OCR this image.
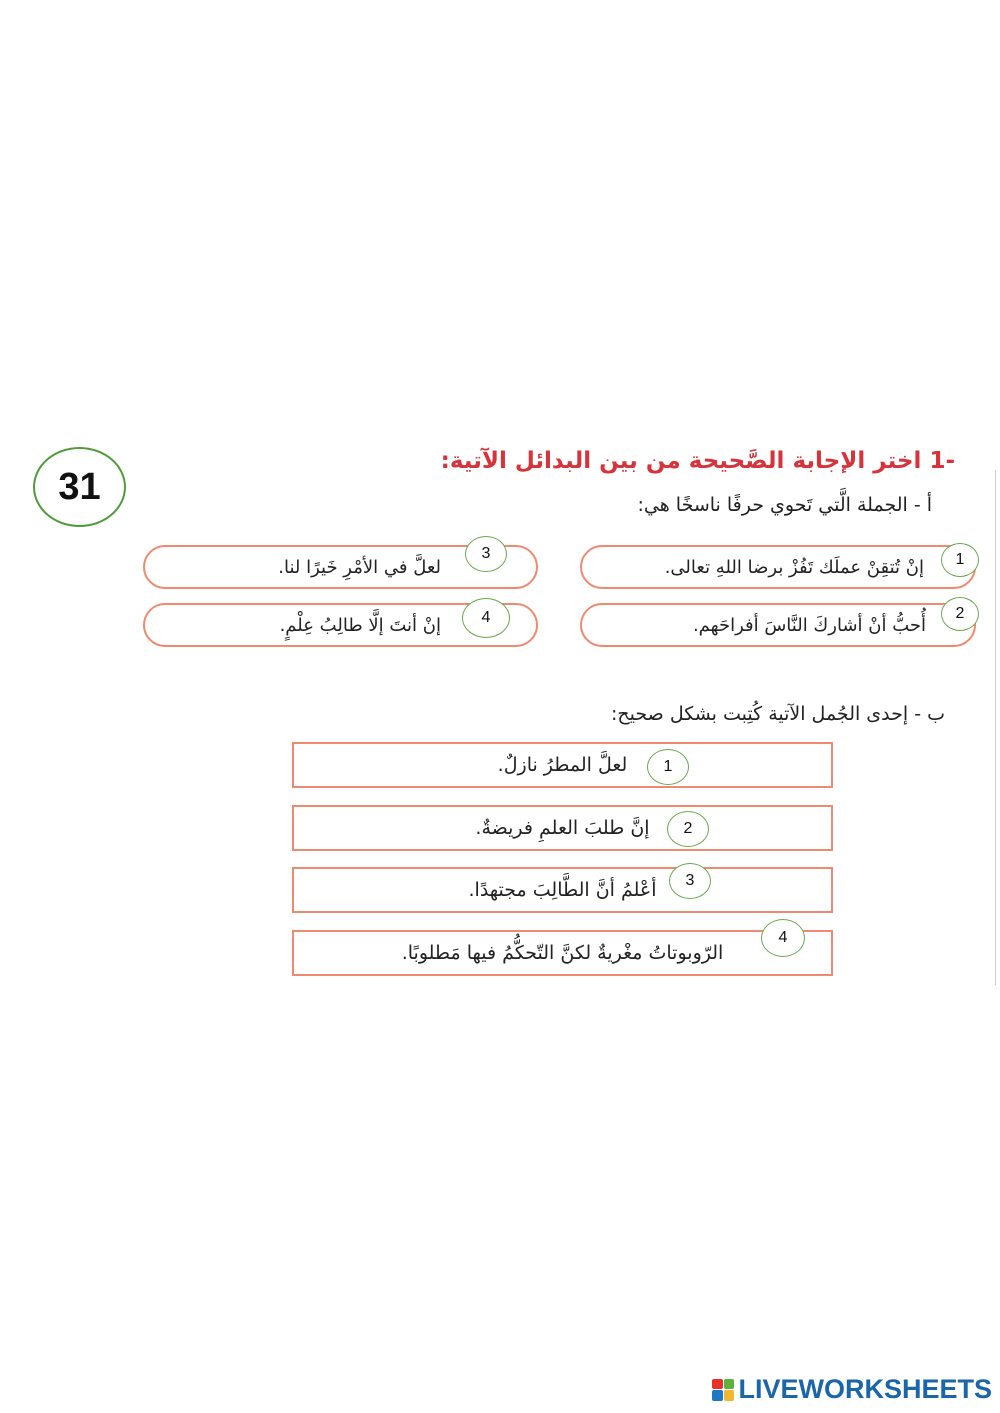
31
-1 اختر الإجابة الصَّحيحة من بين البدائل الآتية:
أ - الجملة الَّتي تَحوي حرفًا ناسخًا هي:
إنْ تُتقِنْ عملَك تَفُزْ برضا اللهِ تعالى.	1
أُحبُّ أنْ أشاركَ النَّاسَ أفراحَهم.
2
لعلَّ في الأمْرِ خَيرًا لنا.
3
إنْ أنتَ إلَّا طالِبُ عِلْمٍ.	4
ب - إحدى الجُمل الآتية كُتِبت بشكل صحيح:
لعلَّ المطرُ نازلٌ.	1
إنَّ طلبَ العلمِ فريضةٌ.	2
أعْلمُ أنَّ الطَّالِبَ مجتهدًا.	3
الرّوبوتاتُ مغْريةٌ لكنَّ التّحكُّمُ فيها مَطلوبًا.
4
LIVEWORKSHEETS
